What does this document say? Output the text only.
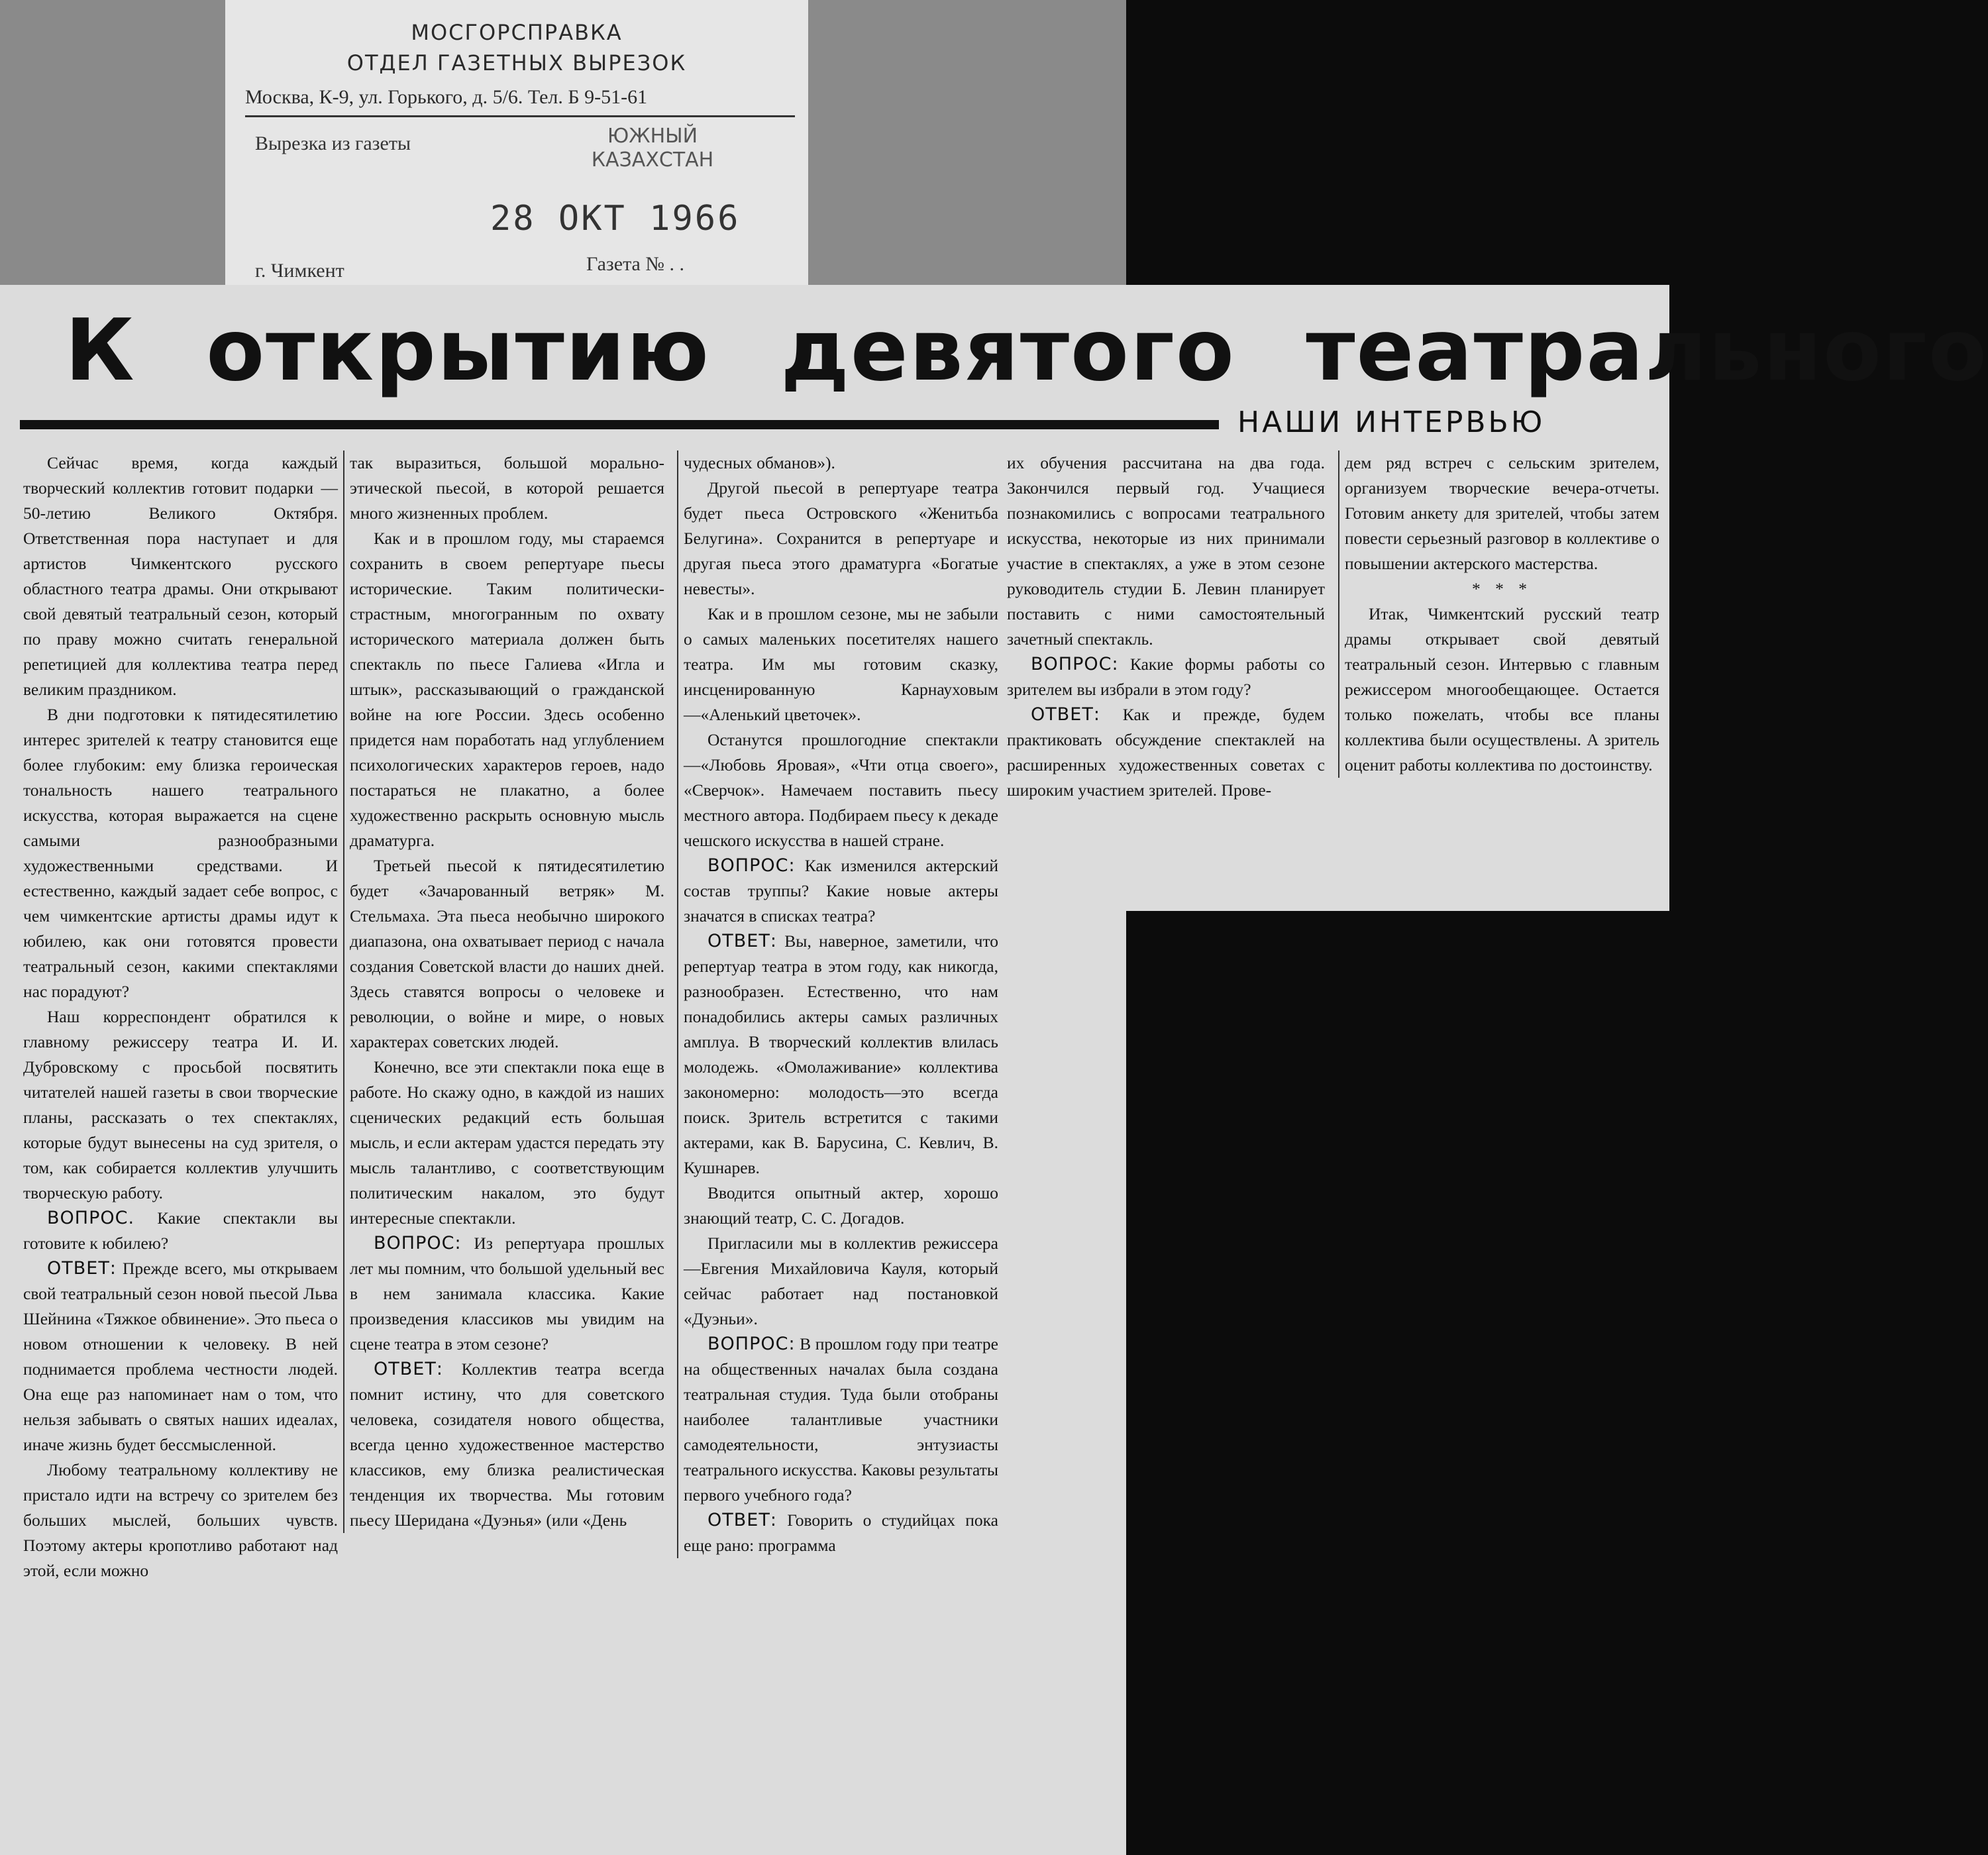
МОСГОРСПРАВКА
ОТДЕЛ ГАЗЕТНЫХ ВЫРЕЗОК
Москва, К-9, ул. Горького, д. 5/6. Тел. Б 9-51-61
Вырезка из газеты	ЮЖНЫЙ
КАЗАХСТАН
28 ОКТ 1966
г. Чимкент	Газета № . .
К открытию девятого театрального
НАШИ ИНТЕРВЬЮ

Сейчас время, когда каждый творческий коллектив готовит подарки — 50-летию Великого Октября. Ответственная пора наступает и для артистов Чимкентского русского областного театра драмы. Они открывают свой девятый театральный сезон, который по праву можно считать генеральной репетицией для коллектива театра перед великим праздником.

В дни подготовки к пятидесятилетию интерес зрителей к театру становится еще более глубоким: ему близка героическая тональность нашего театрального искусства, которая выражается на сцене самыми разнообразными художественными средствами. И естественно, каждый задает себе вопрос, с чем чимкентские артисты драмы идут к юбилею, как они готовятся провести театральный сезон, какими спектаклями нас порадуют?

Наш корреспондент обратился к главному режиссеру театра И. И. Дубровскому с просьбой посвятить читателей нашей газеты в свои творческие планы, рассказать о тех спектаклях, которые будут вынесены на суд зрителя, о том, как собирается коллектив улучшить творческую работу.

ВОПРОС. Какие спектакли вы готовите к юбилею?

ОТВЕТ: Прежде всего, мы открываем свой театральный сезон новой пьесой Льва Шейнина «Тяжкое обвинение». Это пьеса о новом отношении к человеку. В ней поднимается проблема честности людей. Она еще раз напоминает нам о том, что нельзя забывать о святых наших идеалах, иначе жизнь будет бессмысленной.

Любому театральному коллективу не пристало идти на встречу со зрителем без больших мыслей, больших чувств. Поэтому актеры кропотливо работают над этой, если можно

так выразиться, большой морально-этической пьесой, в которой решается много жизненных проблем.

Как и в прошлом году, мы стараемся сохранить в своем репертуаре пьесы исторические. Таким политически-страстным, многогранным по охвату исторического материала должен быть спектакль по пьесе Галиева «Игла и штык», рассказывающий о гражданской войне на юге России. Здесь особенно придется нам поработать над углублением психологических характеров героев, надо постараться не плакатно, а более художественно раскрыть основную мысль драматурга.

Третьей пьесой к пятидесятилетию будет «Зачарованный ветряк» М. Стельмаха. Эта пьеса необычно широкого диапазона, она охватывает период с начала создания Советской власти до наших дней. Здесь ставятся вопросы о человеке и революции, о войне и мире, о новых характерах советских людей.

Конечно, все эти спектакли пока еще в работе. Но скажу одно, в каждой из наших сценических редакций есть большая мысль, и если актерам удастся передать эту мысль талантливо, с соответствующим политическим накалом, это будут интересные спектакли.

ВОПРОС: Из репертуара прошлых лет мы помним, что большой удельный вес в нем занимала классика. Какие произведения классиков мы увидим на сцене театра в этом сезоне?

ОТВЕТ: Коллектив театра всегда помнит истину, что для советского человека, созидателя нового общества, всегда ценно художественное мастерство классиков, ему близка реалистическая тенденция их творчества. Мы готовим пьесу Шеридана «Дуэнья» (или «День

чудесных обманов»).

Другой пьесой в репертуаре театра будет пьеса Островского «Женитьба Белугина». Сохранится в репертуаре и другая пьеса этого драматурга «Богатые невесты».

Как и в прошлом сезоне, мы не забыли о самых маленьких посетителях нашего театра. Им мы готовим сказку, инсценированную Карнауховым—«Аленький цветочек».

Останутся прошлогодние спектакли—«Любовь Яровая», «Чти отца своего», «Сверчок». Намечаем поставить пьесу местного автора. Подбираем пьесу к декаде чешского искусства в нашей стране.

ВОПРОС: Как изменился актерский состав труппы? Какие новые актеры значатся в списках театра?

ОТВЕТ: Вы, наверное, заметили, что репертуар театра в этом году, как никогда, разнообразен. Естественно, что нам понадобились актеры самых различных амплуа. В творческий коллектив влилась молодежь. «Омолаживание» коллектива закономерно: молодость—это всегда поиск. Зритель встретится с такими актерами, как В. Барусина, С. Кевлич, В. Кушнарев.

Вводится опытный актер, хорошо знающий театр, С. С. Догадов.

Пригласили мы в коллектив режиссера—Евгения Михайловича Кауля, который сейчас работает над постановкой «Дуэньи».

ВОПРОС: В прошлом году при театре на общественных началах была создана театральная студия. Туда были отобраны наиболее талантливые участники самодеятельности, энтузиасты театрального искусства. Каковы результаты первого учебного года?

ОТВЕТ: Говорить о студийцах пока еще рано: программа

их обучения рассчитана на два года. Закончился первый год. Учащиеся познакомились с вопросами театрального искусства, некоторые из них принимали участие в спектаклях, а уже в этом сезоне руководитель студии Б. Левин планирует поставить с ними самостоятельный зачетный спектакль.

ВОПРОС: Какие формы работы со зрителем вы избрали в этом году?

ОТВЕТ: Как и прежде, будем практиковать обсуждение спектаклей на расширенных художественных советах с широким участием зрителей. Прове-

дем ряд встреч с сельским зрителем, организуем творческие вечера-отчеты. Готовим анкету для зрителей, чтобы затем повести серьезный разговор в коллективе о повышении актерского мастерства.

* * *

Итак, Чимкентский русский театр драмы открывает свой девятый театральный сезон. Интервью с главным режиссером многообещающее. Остается только пожелать, чтобы все планы коллектива были осуществлены. А зритель оценит работы коллектива по достоинству.
